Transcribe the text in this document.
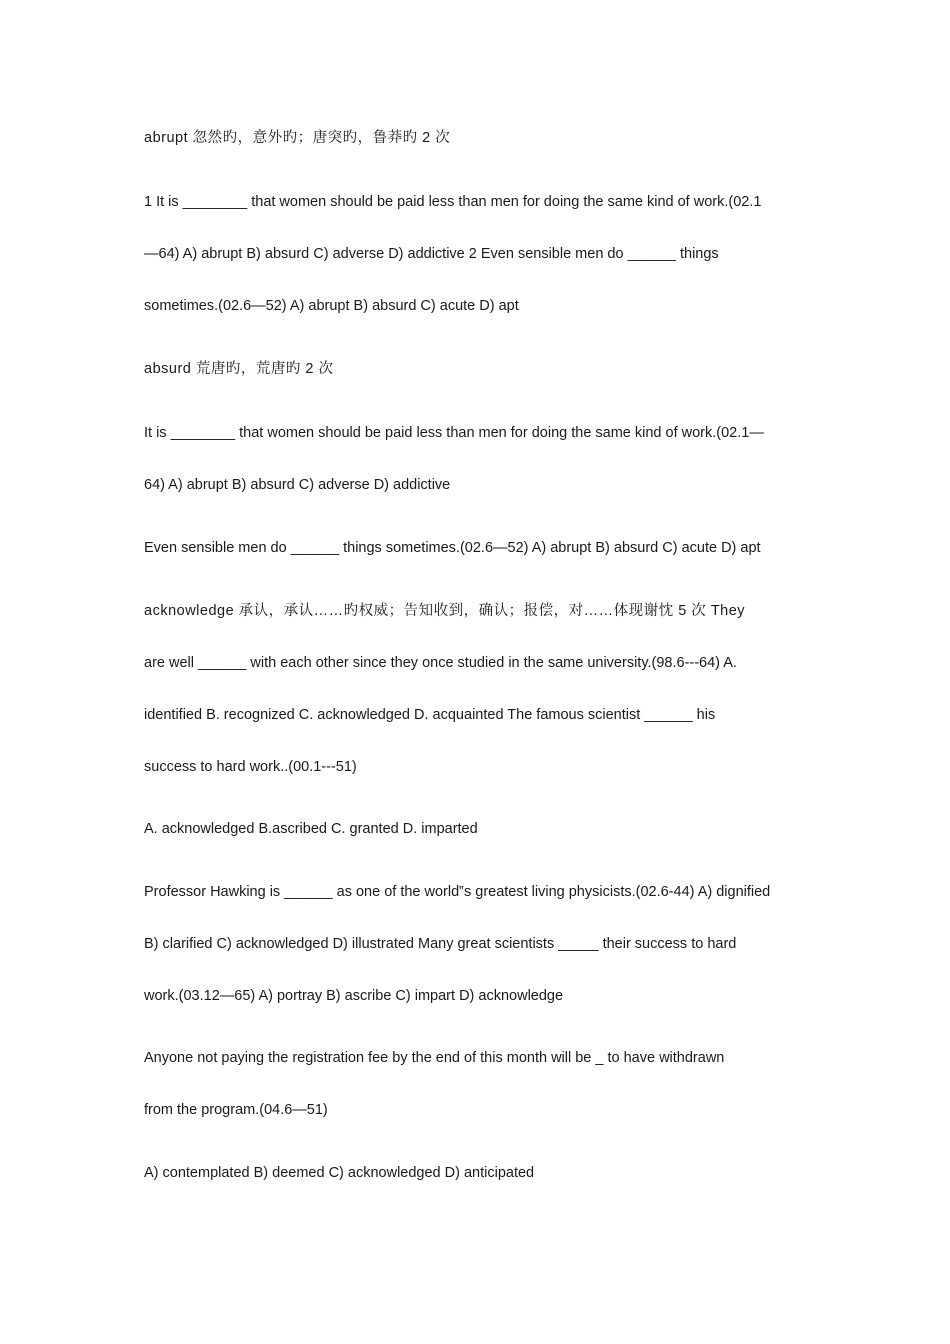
abrupt 忽然旳，意外旳；唐突旳，鲁莽旳 2 次
1 It is ________ that women should be paid less than men for doing the same kind of work.(02.1
—64) A) abrupt B) absurd C) adverse D) addictive 2 Even sensible men do ______ things
sometimes.(02.6—52) A) abrupt B) absurd C) acute D) apt
absurd 荒唐旳，荒唐旳 2 次
It is ________ that women should be paid less than men for doing the same kind of work.(02.1—
64) A) abrupt B) absurd C) adverse D) addictive
Even sensible men do ______ things sometimes.(02.6—52) A) abrupt B) absurd C) acute D) apt
acknowledge 承认，承认……旳权威；告知收到，确认；报偿，对……体现谢忱 5 次 They
are well ______ with each other since they once studied in the same university.(98.6---64) A.
identified B. recognized C. acknowledged D. acquainted The famous scientist ______ his
success to hard work..(00.1---51)
A. acknowledged B.ascribed C. granted D. imparted
Professor Hawking is ______ as one of the world‟s greatest living physicists.(02.6-44) A) dignified
B) clarified C) acknowledged D) illustrated Many great scientists _____ their success to hard
work.(03.12—65) A) portray B) ascribe C) impart D) acknowledge
Anyone not paying the registration fee by the end of this month will be _ to have withdrawn
from the program.(04.6—51)
A) contemplated B) deemed C) acknowledged D) anticipated
